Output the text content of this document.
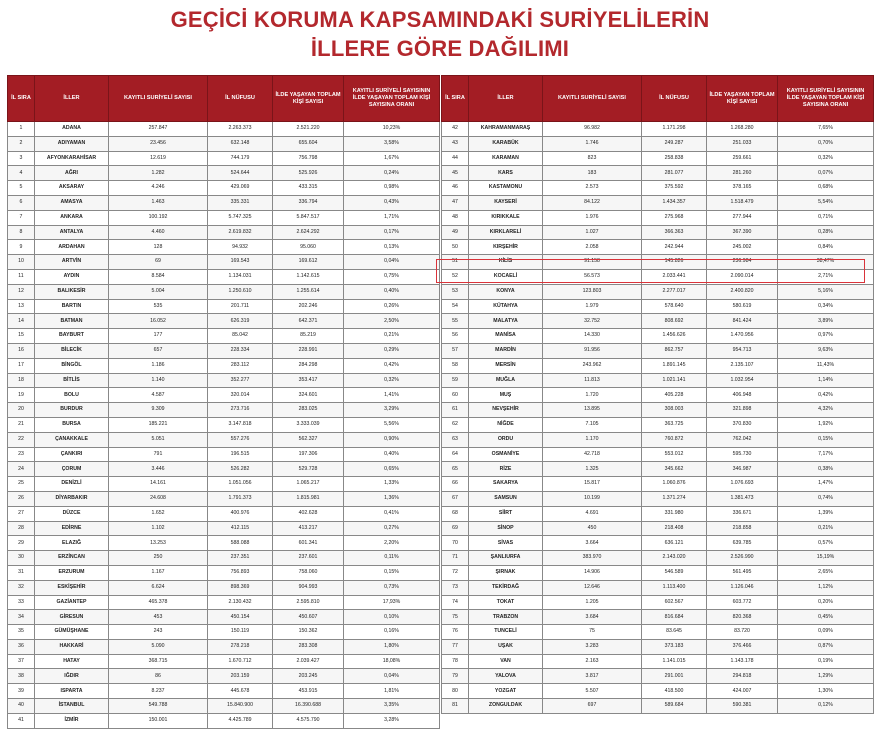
GEÇİCİ KORUMA KAPSAMINDAKİ SURİYELİLERİN
İLLERE GÖRE DAĞILIMI
İL SIRA	İLLER	KAYITLI SURİYELİ SAYISI	İL NÜFUSU	İLDE YAŞAYAN TOPLAM KİŞİ SAYISI	KAYITLI SURİYELİ SAYISININ İLDE YAŞAYAN TOPLAM KİŞİ SAYISINA ORANI
1	ADANA	257.847	2.263.373	2.521.220	10,23%
2	ADIYAMAN	23.456	632.148	655.604	3,58%
3	AFYONKARAHİSAR	12.619	744.179	756.798	1,67%
4	AĞRI	1.282	524.644	525.926	0,24%
5	AKSARAY	4.246	429.069	433.315	0,98%
6	AMASYA	1.463	335.331	336.794	0,43%
7	ANKARA	100.192	5.747.325	5.847.517	1,71%
8	ANTALYA	4.460	2.619.832	2.624.292	0,17%
9	ARDAHAN	128	94.932	95.060	0,13%
10	ARTVİN	69	169.543	169.612	0,04%
11	AYDIN	8.584	1.134.031	1.142.615	0,75%
12	BALIKESİR	5.004	1.250.610	1.255.614	0,40%
13	BARTIN	535	201.711	202.246	0,26%
14	BATMAN	16.052	626.319	642.371	2,50%
15	BAYBURT	177	85.042	85.219	0,21%
16	BİLECİK	657	228.334	228.991	0,29%
17	BİNGÖL	1.186	283.112	284.298	0,42%
18	BİTLİS	1.140	352.277	353.417	0,32%
19	BOLU	4.587	320.014	324.601	1,41%
20	BURDUR	9.309	273.716	283.025	3,29%
21	BURSA	185.221	3.147.818	3.333.039	5,56%
22	ÇANAKKALE	5.051	557.276	562.327	0,90%
23	ÇANKIRI	791	196.515	197.306	0,40%
24	ÇORUM	3.446	526.282	529.728	0,65%
25	DENİZLİ	14.161	1.051.056	1.065.217	1,33%
26	DİYARBAKIR	24.608	1.791.373	1.815.981	1,36%
27	DÜZCE	1.652	400.976	402.628	0,41%
28	EDİRNE	1.102	412.115	413.217	0,27%
29	ELAZIĞ	13.253	588.088	601.341	2,20%
30	ERZİNCAN	250	237.351	237.601	0,11%
31	ERZURUM	1.167	756.893	758.060	0,15%
32	ESKİŞEHİR	6.624	898.369	904.993	0,73%
33	GAZİANTEP	465.378	2.130.432	2.595.810	17,93%
34	GİRESUN	453	450.154	450.607	0,10%
35	GÜMÜŞHANE	243	150.119	150.362	0,16%
36	HAKKARİ	5.090	278.218	283.308	1,80%
37	HATAY	368.715	1.670.712	2.039.427	18,08%
38	IĞDIR	86	203.159	203.245	0,04%
39	ISPARTA	8.237	445.678	453.915	1,81%
40	İSTANBUL	549.788	15.840.900	16.390.688	3,35%
41	İZMİR	150.001	4.425.789	4.575.790	3,28%
İL SIRA	İLLER	KAYITLI SURİYELİ SAYISI	İL NÜFUSU	İLDE YAŞAYAN TOPLAM KİŞİ SAYISI	KAYITLI SURİYELİ SAYISININ İLDE YAŞAYAN TOPLAM KİŞİ SAYISINA ORANI
42	KAHRAMANMARAŞ	96.982	1.171.298	1.268.280	7,65%
43	KARABÜK	1.746	249.287	251.033	0,70%
44	KARAMAN	823	258.838	259.661	0,32%
45	KARS	183	281.077	281.260	0,07%
46	KASTAMONU	2.573	375.592	378.165	0,68%
47	KAYSERİ	84.122	1.434.357	1.518.479	5,54%
48	KIRIKKALE	1.976	275.968	277.944	0,71%
49	KIRKLARELİ	1.027	366.363	367.390	0,28%
50	KIRŞEHİR	2.058	242.944	245.002	0,84%
51	KİLİS	91.158	145.826	236.984	38,47%
52	KOCAELİ	56.573	2.033.441	2.090.014	2,71%
53	KONYA	123.803	2.277.017	2.400.820	5,16%
54	KÜTAHYA	1.979	578.640	580.619	0,34%
55	MALATYA	32.752	808.692	841.424	3,89%
56	MANİSA	14.330	1.456.626	1.470.956	0,97%
57	MARDİN	91.956	862.757	954.713	9,63%
58	MERSİN	243.962	1.891.145	2.135.107	11,43%
59	MUĞLA	11.813	1.021.141	1.032.954	1,14%
60	MUŞ	1.720	405.228	406.948	0,42%
61	NEVŞEHİR	13.895	308.003	321.898	4,32%
62	NİĞDE	7.105	363.725	370.830	1,92%
63	ORDU	1.170	760.872	762.042	0,15%
64	OSMANİYE	42.718	553.012	595.730	7,17%
65	RİZE	1.325	345.662	346.987	0,38%
66	SAKARYA	15.817	1.060.876	1.076.693	1,47%
67	SAMSUN	10.199	1.371.274	1.381.473	0,74%
68	SİİRT	4.691	331.980	336.671	1,39%
69	SİNOP	450	218.408	218.858	0,21%
70	SİVAS	3.664	636.121	639.785	0,57%
71	ŞANLIURFA	383.970	2.143.020	2.526.990	15,19%
72	ŞIRNAK	14.906	546.589	561.495	2,65%
73	TEKİRDAĞ	12.646	1.113.400	1.126.046	1,12%
74	TOKAT	1.205	602.567	603.772	0,20%
75	TRABZON	3.684	816.684	820.368	0,45%
76	TUNCELİ	75	83.645	83.720	0,09%
77	UŞAK	3.283	373.183	376.466	0,87%
78	VAN	2.163	1.141.015	1.143.178	0,19%
79	YALOVA	3.817	291.001	294.818	1,29%
80	YOZGAT	5.507	418.500	424.007	1,30%
81	ZONGULDAK	697	589.684	590.381	0,12%
